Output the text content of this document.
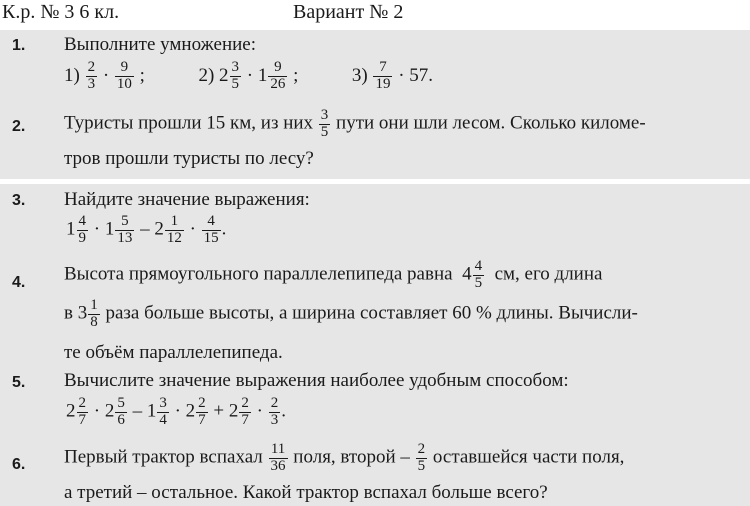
К.р. № 3 6 кл.	Вариант № 2
1. Выполните умножение:
$1) \frac{2}{3} \cdot \frac{9}{10}$ ;	2) $2 \frac{3}{5} \cdot 1 \frac{9}{26}$ ;	$3) \frac{7}{19} \cdot 57$.
2. Туристы прошли 15 км, из них $\frac{3}{5}$ пути они шли лесом. Сколько киломе-
тров прошли туристы по лесу?
3. Найдите значение выражения:
$1 \frac{4}{9} \cdot 1 \frac{5}{13} - 2 \frac{1}{12} \cdot \frac{4}{15}$ .
4. Высота прямоугольного параллелепипеда равна $4 \frac{4}{5}$ см, его длина
в $3 \frac{1}{8}$ раза больше высоты, а ширина составляет 60 % длины. Вычисли-
те объём параллелепипеда.
5. Вычислите значение выражения наиболее удобным способом:
$2 \frac{2}{7} \cdot 2 \frac{5}{6} - 1 \frac{3}{4} \cdot 2 \frac{2}{7} + 2 \frac{2}{7} \cdot \frac{2}{3}$ .
6. Первый трактор вспахал $\frac{11}{36}$ поля, второй – $\frac{2}{5}$ оставшейся части поля,
а третий – остальное. Какой трактор вспахал больше всего?
